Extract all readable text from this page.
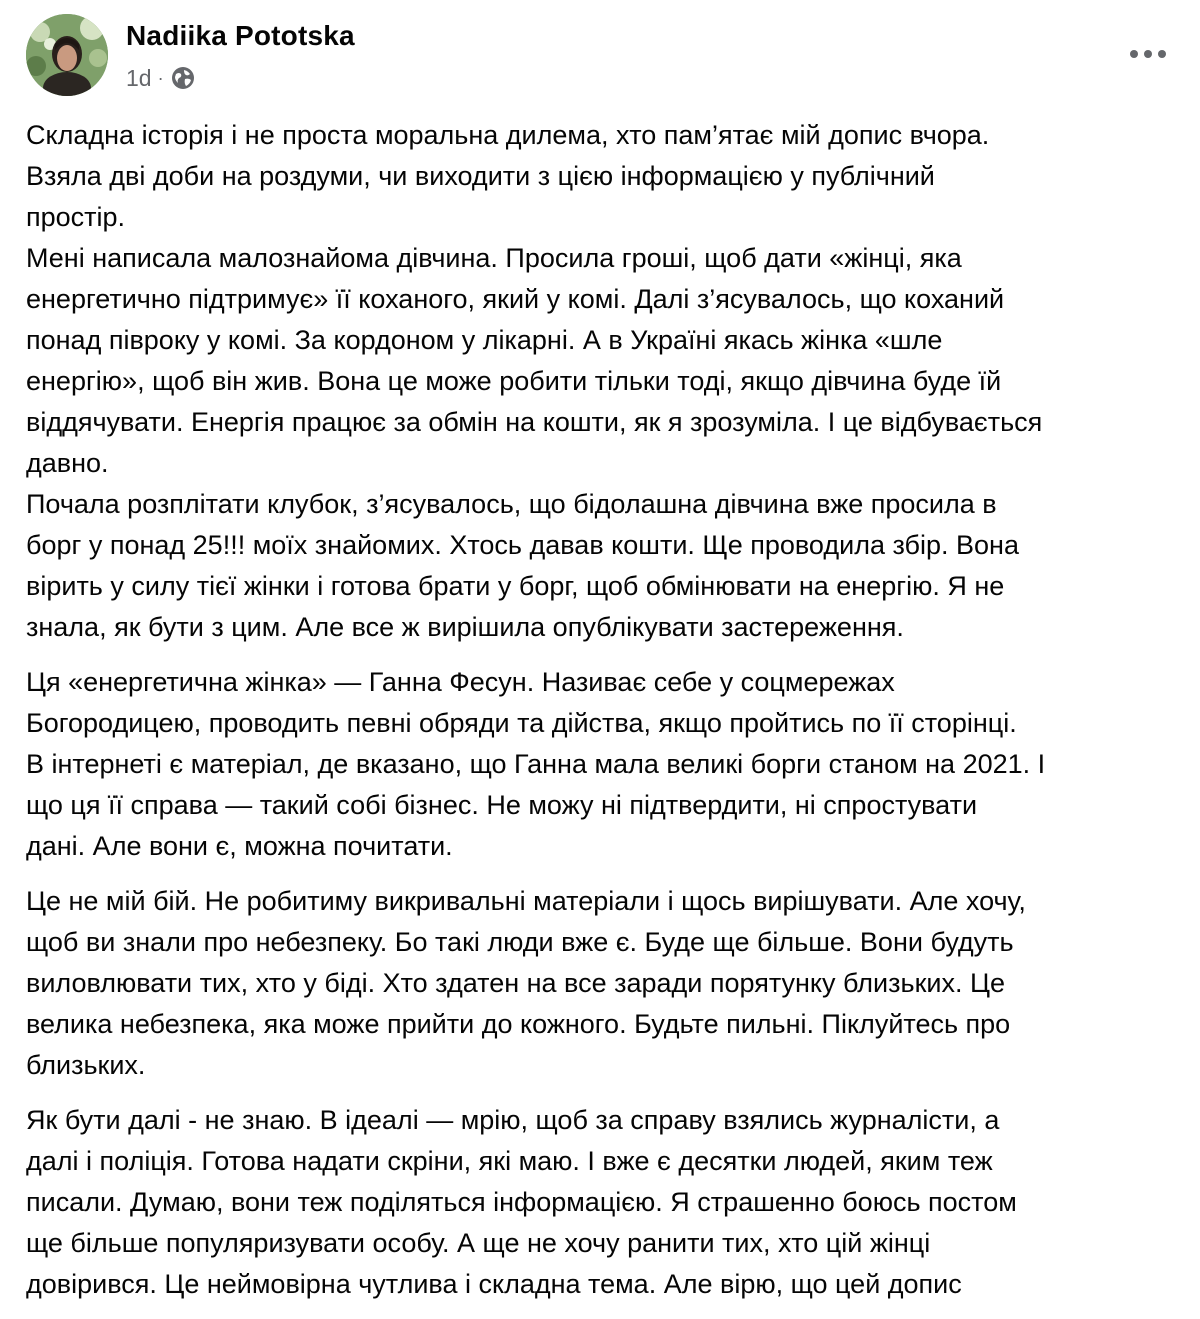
Nadiika Pototska
1d ·
Складна історія і не проста моральна дилема, хто пам’ятає мій допис вчора.
Взяла дві доби на роздуми, чи виходити з цією інформацією у публічний
простір.
Мені написала малознайома дівчина. Просила гроші, щоб дати «жінці, яка
енергетично підтримує» її коханого, який у комі. Далі з’ясувалось, що коханий
понад півроку у комі. За кордоном у лікарні. А в Україні якась жінка «шле
енергію», щоб він жив. Вона це може робити тільки тоді, якщо дівчина буде їй
віддячувати. Енергія працює за обмін на кошти, як я зрозуміла. І це відбувається
давно.
Почала розплітати клубок, з’ясувалось, що бідолашна дівчина вже просила в
борг у понад 25!!! моїх знайомих. Хтось давав кошти. Ще проводила збір. Вона
вірить у силу тієї жінки і готова брати у борг, щоб обмінювати на енергію. Я не
знала, як бути з цим. Але все ж вирішила опублікувати застереження.
Ця «енергетична жінка» — Ганна Фесун. Називає себе у соцмережах
Богородицею, проводить певні обряди та дійства, якщо пройтись по її сторінці.
В інтернеті є матеріал, де вказано, що Ганна мала великі борги станом на 2021. І
що ця її справа — такий собі бізнес. Не можу ні підтвердити, ні спростувати
дані. Але вони є, можна почитати.
Це не мій бій. Не робитиму викривальні матеріали і щось вирішувати. Але хочу,
щоб ви знали про небезпеку. Бо такі люди вже є. Буде ще більше. Вони будуть
виловлювати тих, хто у біді. Хто здатен на все заради порятунку близьких. Це
велика небезпека, яка може прийти до кожного. Будьте пильні. Піклуйтесь про
близьких.
Як бути далі - не знаю. В ідеалі — мрію, щоб за справу взялись журналісти, а
далі і поліція. Готова надати скріни, які маю. І вже є десятки людей, яким теж
писали. Думаю, вони теж поділяться інформацією. Я страшенно боюсь постом
ще більше популяризувати особу. А ще не хочу ранити тих, хто цій жінці
довірився. Це неймовірна чутлива і складна тема. Але вірю, що цей допис
